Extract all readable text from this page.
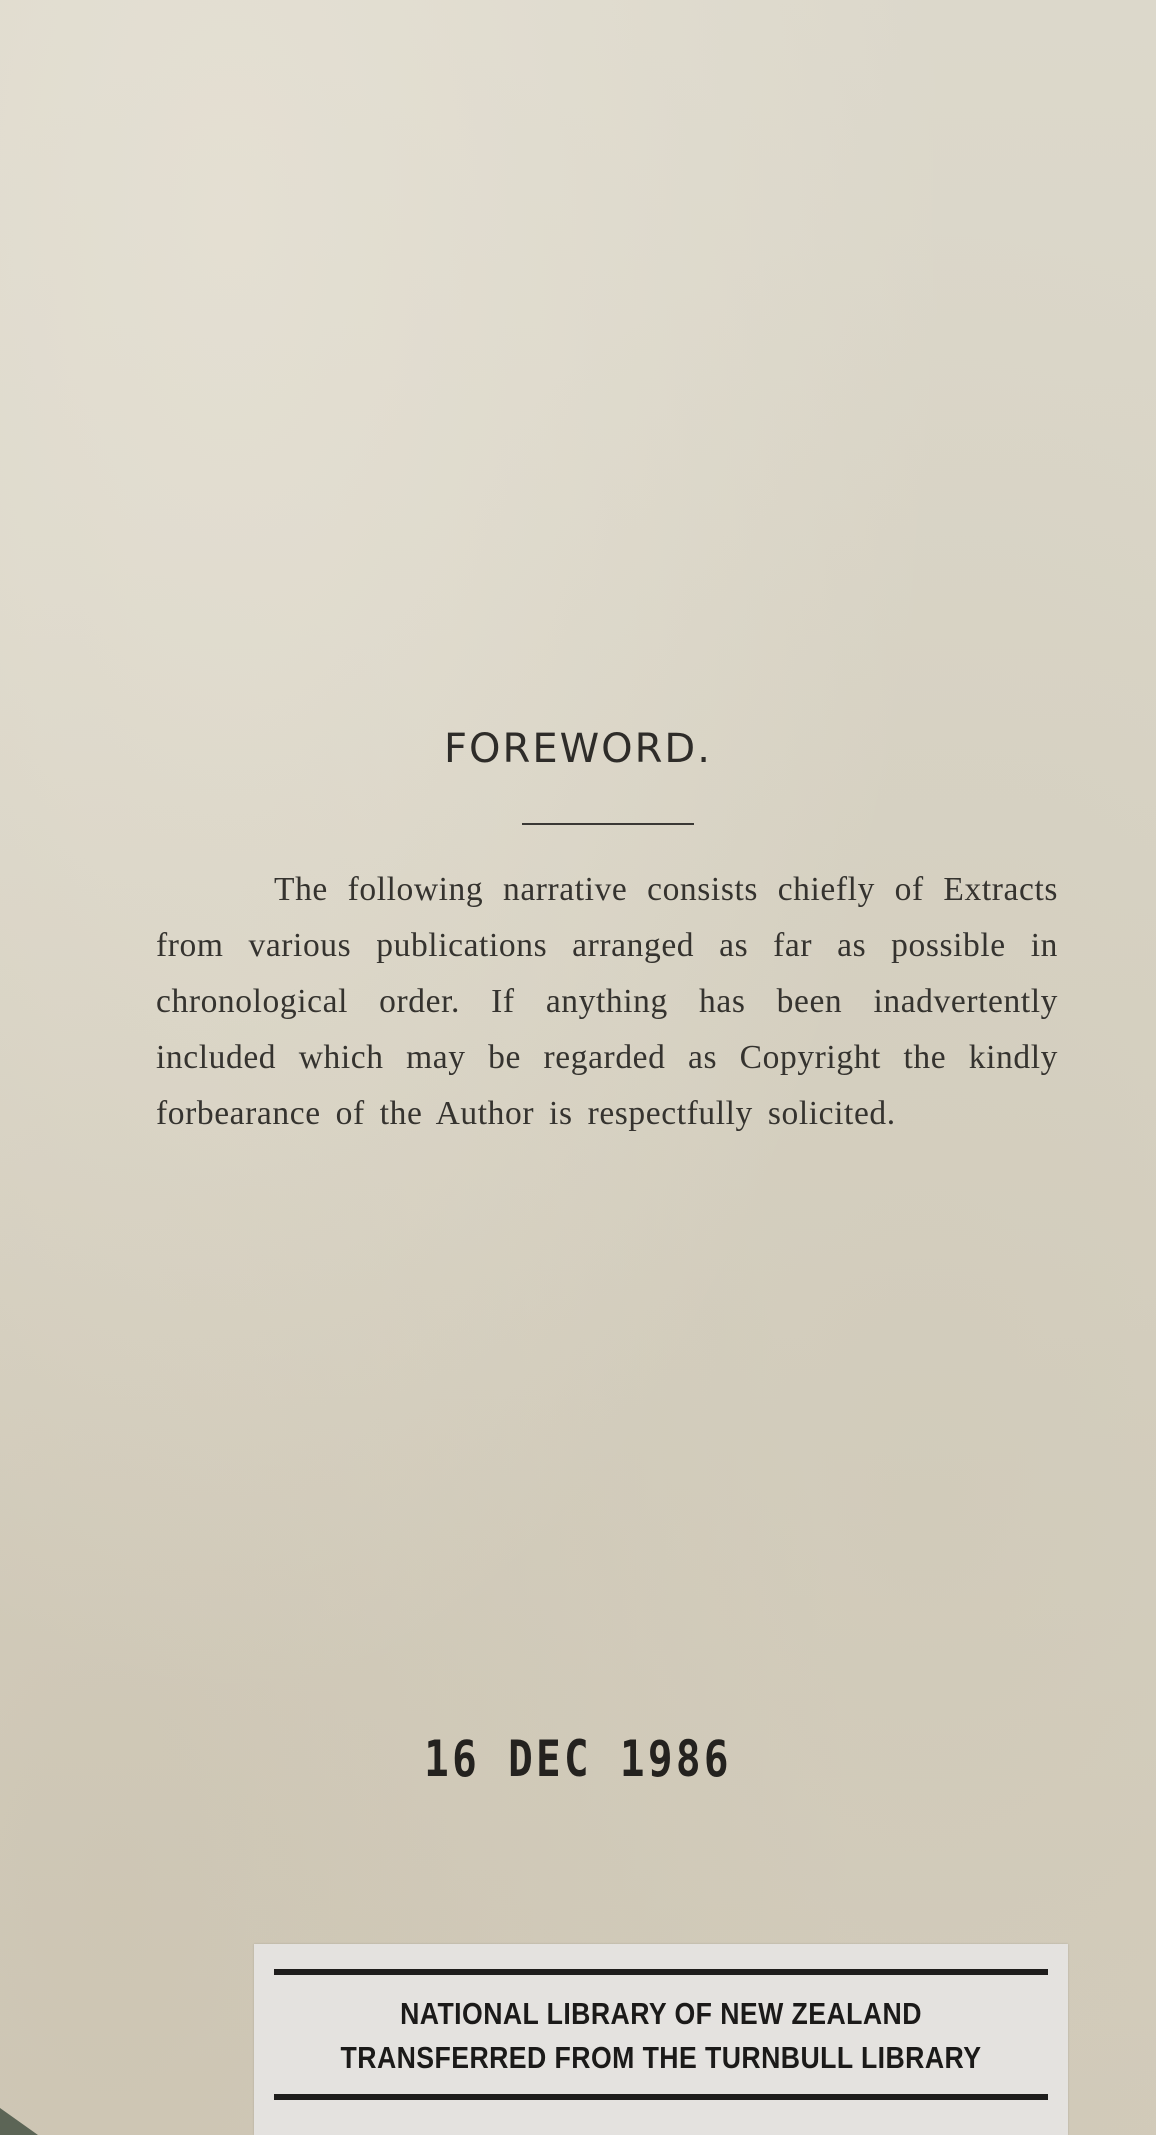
FOREWORD.

The following narrative consists chiefly of Extracts from various publications arranged as far as possible in chronological order. If anything has been inadvertently included which may be regarded as Copyright the kindly forbearance of the Author is respectfully solicited.

16 DEC 1986
NATIONAL LIBRARY OF NEW ZEALAND
TRANSFERRED FROM THE TURNBULL LIBRARY
